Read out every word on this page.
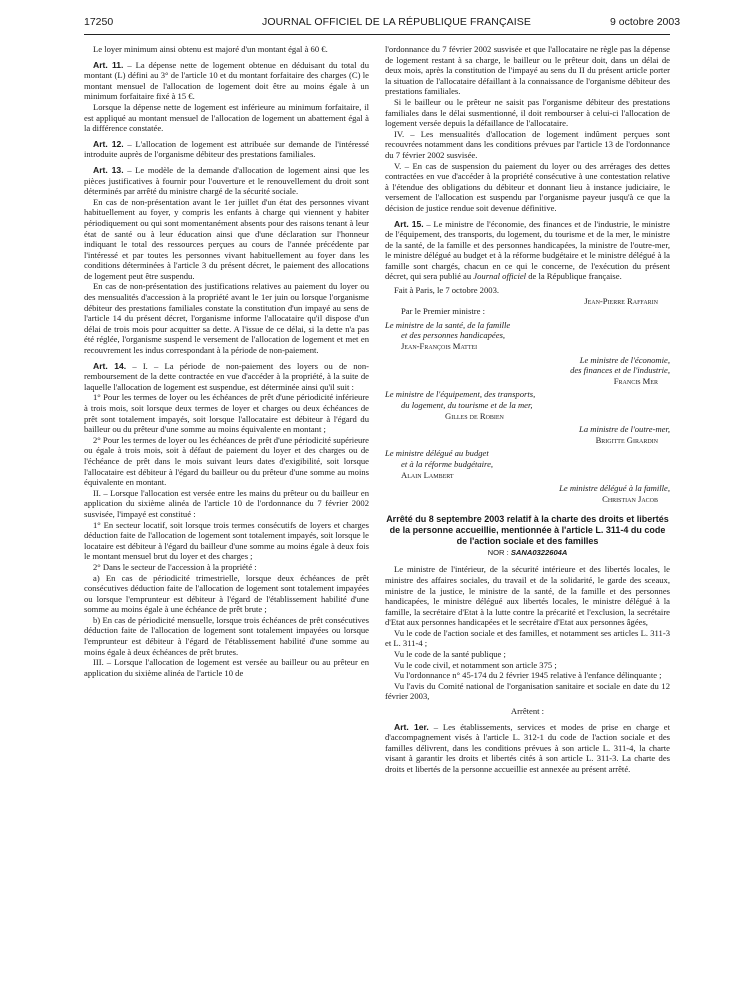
17250	JOURNAL OFFICIEL DE LA RÉPUBLIQUE FRANÇAISE	9 octobre 2003

Le loyer minimum ainsi obtenu est majoré d'un montant égal à 60 €.

Art. 11. – La dépense nette de logement obtenue en déduisant du total du montant (L) défini au 3° de l'article 10 et du montant forfaitaire des charges (C) le montant mensuel de l'allocation de logement doit être au moins égale à un minimum forfaitaire fixé à 15 €.

Lorsque la dépense nette de logement est inférieure au minimum forfaitaire, il est appliqué au montant mensuel de l'allocation de logement un abattement égal à la différence constatée.

Art. 12. – L'allocation de logement est attribuée sur demande de l'intéressé introduite auprès de l'organisme débiteur des prestations familiales.

Art. 13. – Le modèle de la demande d'allocation de logement ainsi que les pièces justificatives à fournir pour l'ouverture et le renouvellement du droit sont déterminés par arrêté du ministre chargé de la sécurité sociale.

En cas de non-présentation avant le 1er juillet d'un état des personnes vivant habituellement au foyer, y compris les enfants à charge qui viennent y habiter périodiquement ou qui sont momentanément absents pour des raisons tenant à leur état de santé ou à leur éducation ainsi que d'une déclaration sur l'honneur indiquant le total des ressources perçues au cours de l'année précédente par l'intéressé et par toutes les personnes vivant habituellement au foyer dans les conditions déterminées à l'article 3 du présent décret, le paiement des allocations de logement peut être suspendu.

En cas de non-présentation des justifications relatives au paiement du loyer ou des mensualités d'accession à la propriété avant le 1er juin ou lorsque l'organisme débiteur des prestations familiales constate la constitution d'un impayé au sens de l'article 14 du présent décret, l'organisme informe l'allocataire qu'il dispose d'un délai de trois mois pour acquitter sa dette. A l'issue de ce délai, si la dette n'a pas été réglée, l'organisme suspend le versement de l'allocation de logement et met en recouvrement les indus correspondant à la période de non-paiement.

Art. 14. – I. – La période de non-paiement des loyers ou de non-remboursement de la dette contractée en vue d'accéder à la propriété, à la suite de laquelle l'allocation de logement est suspendue, est déterminée ainsi qu'il suit :

1° Pour les termes de loyer ou les échéances de prêt d'une périodicité inférieure à trois mois, soit lorsque deux termes de loyer et charges ou deux échéances de prêt sont totalement impayés, soit lorsque l'allocataire est débiteur à l'égard du bailleur ou du prêteur d'une somme au moins équivalente en montant ;

2° Pour les termes de loyer ou les échéances de prêt d'une périodicité supérieure ou égale à trois mois, soit à défaut de paiement du loyer et des charges ou de l'échéance de prêt dans le mois suivant leurs dates d'exigibilité, soit lorsque l'allocataire est débiteur à l'égard du bailleur ou du prêteur d'une somme au moins équivalente en montant.

II. – Lorsque l'allocation est versée entre les mains du prêteur ou du bailleur en application du sixième alinéa de l'article 10 de l'ordonnance du 7 février 2002 susvisée, l'impayé est constitué :

1° En secteur locatif, soit lorsque trois termes consécutifs de loyers et charges déduction faite de l'allocation de logement sont totalement impayés, soit lorsque le locataire est débiteur à l'égard du bailleur d'une somme au moins égale à deux fois le montant mensuel brut du loyer et des charges ;

2° Dans le secteur de l'accession à la propriété :

a) En cas de périodicité trimestrielle, lorsque deux échéances de prêt consécutives déduction faite de l'allocation de logement sont totalement impayées ou lorsque l'emprunteur est débiteur à l'égard de l'établissement habilité d'une somme au moins égale à une échéance de prêt brute ;

b) En cas de périodicité mensuelle, lorsque trois échéances de prêt consécutives déduction faite de l'allocation de logement sont totalement impayées ou lorsque l'emprunteur est débiteur à l'égard de l'établissement habilité d'une somme au moins égale à deux échéances de prêt brutes.

III. – Lorsque l'allocation de logement est versée au bailleur ou au prêteur en application du sixième alinéa de l'article 10 de

l'ordonnance du 7 février 2002 susvisée et que l'allocataire ne règle pas la dépense de logement restant à sa charge, le bailleur ou le prêteur doit, dans un délai de deux mois, après la constitution de l'impayé au sens du II du présent article porter la situation de l'allocataire défaillant à la connaissance de l'organisme débiteur des prestations familiales.

Si le bailleur ou le prêteur ne saisit pas l'organisme débiteur des prestations familiales dans le délai susmentionné, il doit rembourser à celui-ci l'allocation de logement versée depuis la défaillance de l'allocataire.

IV. – Les mensualités d'allocation de logement indûment perçues sont recouvrées notamment dans les conditions prévues par l'article 13 de l'ordonnance du 7 février 2002 susvisée.

V. – En cas de suspension du paiement du loyer ou des arrérages des dettes contractées en vue d'accéder à la propriété consécutive à une contestation relative à l'étendue des obligations du débiteur et donnant lieu à instance judiciaire, le versement de l'allocation est suspendu par l'organisme payeur jusqu'à ce que la décision de justice rendue soit devenue définitive.

Art. 15. – Le ministre de l'économie, des finances et de l'industrie, le ministre de l'équipement, des transports, du logement, du tourisme et de la mer, le ministre de la santé, de la famille et des personnes handicapées, la ministre de l'outre-mer, le ministre délégué au budget et à la réforme budgétaire et le ministre délégué à la famille sont chargés, chacun en ce qui le concerne, de l'exécution du présent décret, qui sera publié au Journal officiel de la République française.

Fait à Paris, le 7 octobre 2003.

Jean-Pierre Raffarin

Par le Premier ministre :

Le ministre de la santé, de la famille

et des personnes handicapées,

Jean-François Mattei

Le ministre de l'économie,

des finances et de l'industrie,

Francis Mer

Le ministre de l'équipement, des transports,

du logement, du tourisme et de la mer,

Gilles de Robien

La ministre de l'outre-mer,

Brigitte Girardin

Le ministre délégué au budget

et à la réforme budgétaire,

Alain Lambert

Le ministre délégué à la famille,

Christian Jacob

Arrêté du 8 septembre 2003 relatif à la charte des droits et libertés de la personne accueillie, mentionnée à l'article L. 311-4 du code de l'action sociale et des familles

NOR : SANA0322604A

Le ministre de l'intérieur, de la sécurité intérieure et des libertés locales, le ministre des affaires sociales, du travail et de la solidarité, le garde des sceaux, ministre de la justice, le ministre de la santé, de la famille et des personnes handicapées, le ministre délégué aux libertés locales, le ministre délégué à la famille, la secrétaire d'Etat à la lutte contre la précarité et l'exclusion, la secrétaire d'Etat aux personnes handicapées et le secrétaire d'Etat aux personnes âgées,

Vu le code de l'action sociale et des familles, et notamment ses articles L. 311-3 et L. 311-4 ;

Vu le code de la santé publique ;

Vu le code civil, et notamment son article 375 ;

Vu l'ordonnance n° 45-174 du 2 février 1945 relative à l'enfance délinquante ;

Vu l'avis du Comité national de l'organisation sanitaire et sociale en date du 12 février 2003,

Arrêtent :

Art. 1er. – Les établissements, services et modes de prise en charge et d'accompagnement visés à l'article L. 312-1 du code de l'action sociale et des familles délivrent, dans les conditions prévues à son article L. 311-4, la charte visant à garantir les droits et libertés cités à son article L. 311-3. La charte des droits et libertés de la personne accueillie est annexée au présent arrêté.
